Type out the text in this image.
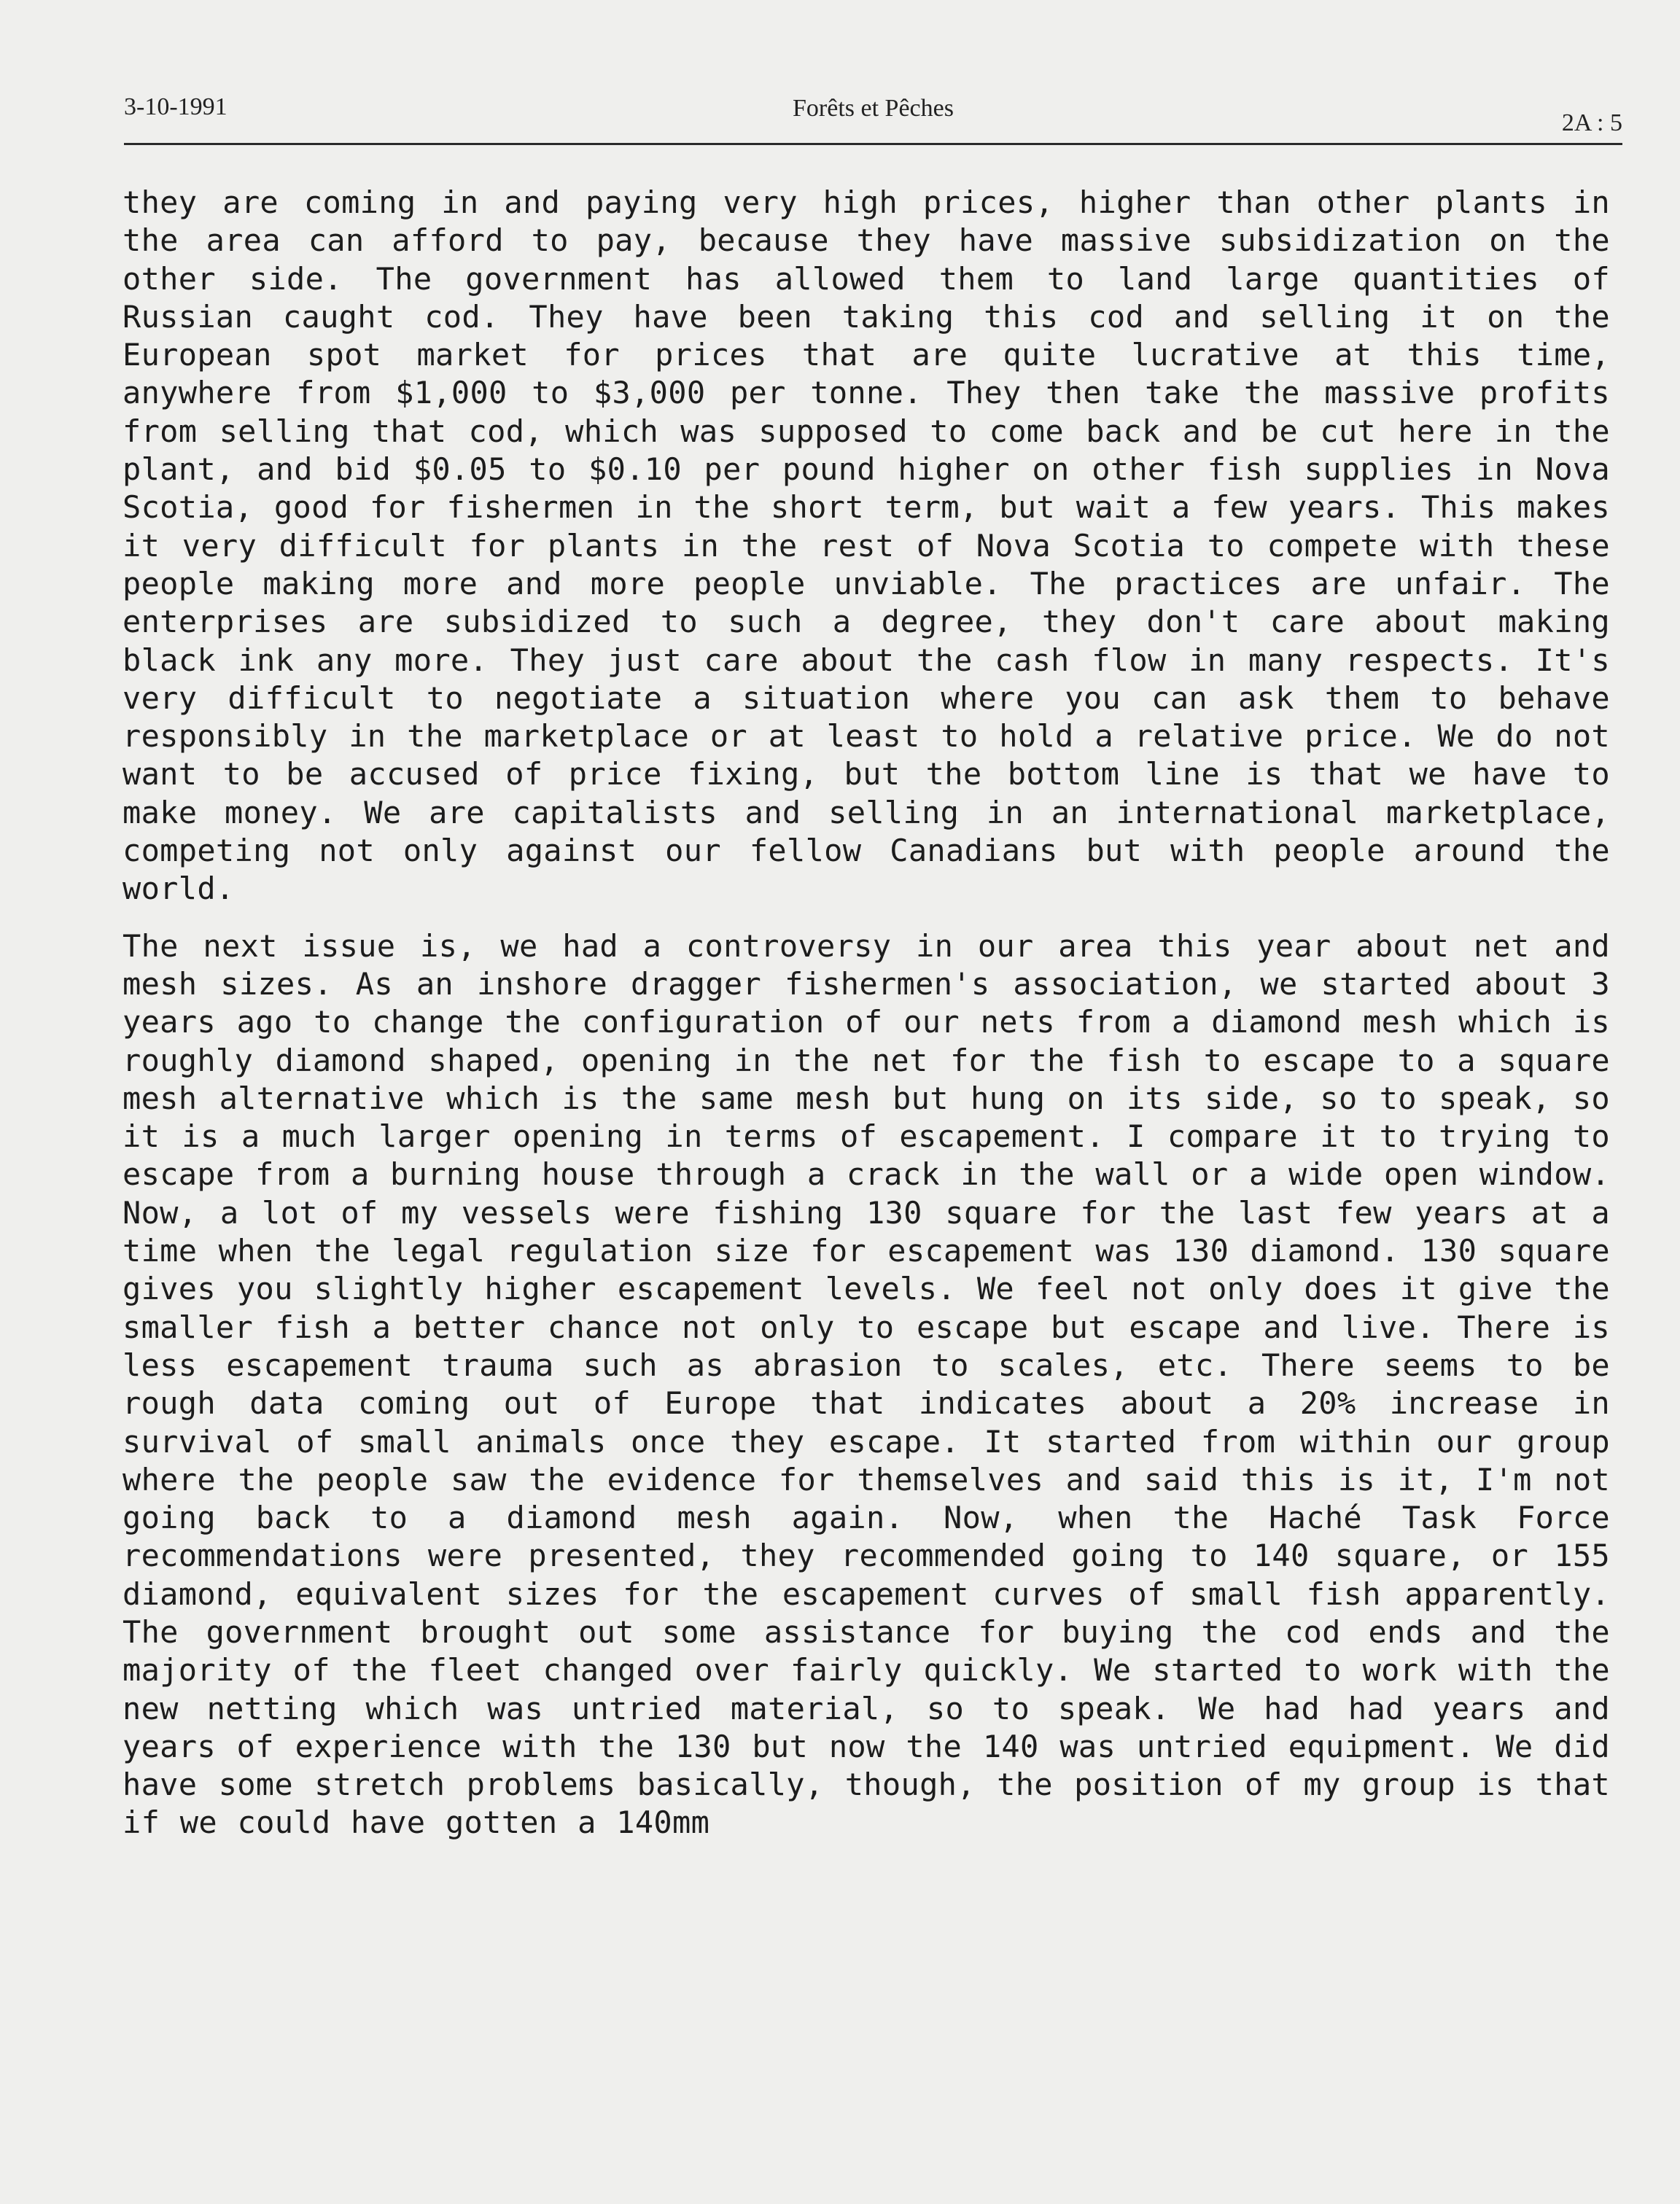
3-10-1991	Forêts et Pêches
2A : 5

they are coming in and paying very high prices, higher than other plants in the area can afford to pay, because they have massive subsidization on the other side. The government has allowed them to land large quantities of Russian caught cod. They have been taking this cod and selling it on the European spot market for prices that are quite lucrative at this time, anywhere from $1,000 to $3,000 per tonne. They then take the massive profits from selling that cod, which was supposed to come back and be cut here in the plant, and bid $0.05 to $0.10 per pound higher on other fish supplies in Nova Scotia, good for fishermen in the short term, but wait a few years. This makes it very difficult for plants in the rest of Nova Scotia to compete with these people making more and more people unviable. The practices are unfair. The enterprises are subsidized to such a degree, they don't care about making black ink any more. They just care about the cash flow in many respects. It's very difficult to negotiate a situation where you can ask them to behave responsibly in the marketplace or at least to hold a relative price. We do not want to be accused of price fixing, but the bottom line is that we have to make money. We are capitalists and selling in an international marketplace, competing not only against our fellow Canadians but with people around the world.

The next issue is, we had a controversy in our area this year about net and mesh sizes. As an inshore dragger fishermen's association, we started about 3 years ago to change the configuration of our nets from a diamond mesh which is roughly diamond shaped, opening in the net for the fish to escape to a square mesh alternative which is the same mesh but hung on its side, so to speak, so it is a much larger opening in terms of escapement. I compare it to trying to escape from a burning house through a crack in the wall or a wide open window. Now, a lot of my vessels were fishing 130 square for the last few years at a time when the legal regulation size for escapement was 130 diamond. 130 square gives you slightly higher escapement levels. We feel not only does it give the smaller fish a better chance not only to escape but escape and live. There is less escapement trauma such as abrasion to scales, etc. There seems to be rough data coming out of Europe that indicates about a 20% increase in survival of small animals once they escape. It started from within our group where the people saw the evidence for themselves and said this is it, I'm not going back to a diamond mesh again. Now, when the Haché Task Force recommendations were presented, they recommended going to 140 square, or 155 diamond, equivalent sizes for the escapement curves of small fish apparently. The government brought out some assistance for buying the cod ends and the majority of the fleet changed over fairly quickly. We started to work with the new netting which was untried material, so to speak. We had had years and years of experience with the 130 but now the 140 was untried equipment. We did have some stretch problems basically, though, the position of my group is that if we could have gotten a 140mm
